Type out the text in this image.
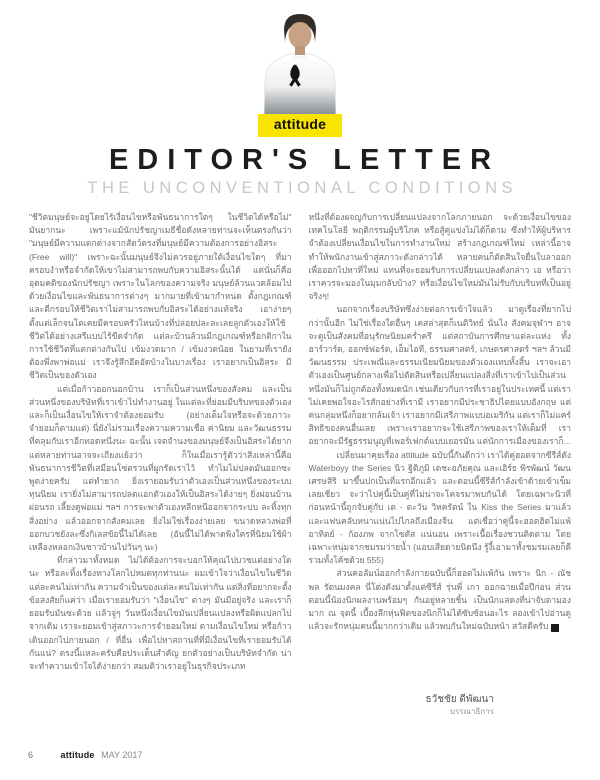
attitude
EDITOR'S LETTER
THE UNCONVENTIONAL CONDITIONS

"ชีวิตมนุษย์จะอยู่โดยไร้เงื่อนไขหรือพันธนาการใดๆ ในชีวิตได้หรือไม่" มันยากนะ เพราะแม้นักปรัชญาเมธีชื่อดังหลายท่านจะเห็นตรงกันว่า "มนุษย์มีความแตกต่างจากสัตว์ตรงที่มนุษย์มีความต้องการอย่างอิสระ (Free will)" เพราะฉะนั้นมนุษย์จึงไม่ควรอยู่ภายใต้เงื่อนไขใดๆ ที่มาครอบงำหรือจำกัดให้เขาไม่สามารถพบกับความอิสระนั้นได้ แต่นั่นก็คืออุดมคติของนักปรัชญา เพราะในโลกของความจริง มนุษย์ล้วนแวดล้อมไปด้วยเงื่อนไขและพันธนาการต่างๆ มากมายที่เข้ามากำหนด ตั้งกฎเกณฑ์ และตีกรอบให้ชีวิตเราไม่สามารถพบกับอิสระได้อย่างแท้จริง เอาง่ายๆ ตั้งแต่เล็กจนโตเคยมีครอบครัวไหนบ้างที่ปล่อยปละละเลยลูกตัวเองให้ใช้ชีวิตได้อย่างเสรีแบบไร้ขีดจำกัด แต่ละบ้านล้วนมีกฎเกณฑ์หรือกติกาในการใช้ชีวิตที่แตกต่างกันไป เข้มงวดมาก / เข้มงวดน้อย ในยามที่เรายังต้องพึ่งพาพ่อแม่ เราจึงรู้สึกอึดอัดบ้างในบางเรื่อง เราอยากเป็นอิสระ มีชีวิตเป็นของตัวเอง

แต่เมื่อก้าวออกนอกบ้าน เราก็เป็นส่วนหนึ่งของสังคม และเป็นส่วนหนึ่งของบริษัทที่เราเข้าไปทำงานอยู่ ในแต่ละที่ย่อมมีบริบทของตัวเองและก็เป็นเงื่อนไขให้เราจำต้องยอมรับ (อย่างเต็มใจหรือจะด้วยภาวะจำยอมก็ตามแต่) นี่ยังไม่รวมเรื่องความความเชื่อ ค่านิยม และวัฒนธรรมที่คลุมกับเราอีกทอดหนึ่งนะ ฉะนั้น เจตจำนงของมนุษย์จึงเป็นอิสระได้ยาก แต่หลายท่านอาจจะเถียงแย้งว่า ก็ในเมื่อเรารู้ตัวว่าสิ่งเหล่านี้คือพันธนาการชีวิตที่เสมือนโซ่ตรวนที่ผูกรัดเราไว้ ทำไมไม่ปลดมันออกซะ พูดง่ายครับ แต่ทำยาก ยิ่งเรายอมรับว่าตัวเองเป็นส่วนหนึ่งของระบบทุนนิยม เรายิ่งไม่สามารถปลดแอกตัวเองให้เป็นอิสระได้ง่ายๆ ยิ่งผ่อนบ้าน ผ่อนรถ เลี้ยงดูพ่อแม่ ฯลฯ การจะพาตัวเองหลีกหนีออกจากระบบ ละทิ้งทุกสิ่งอย่าง แล้วออกจากสังคมเลย ยิ่งไม่ใช่เรื่องง่ายเลย ขนาดหลวงพ่อที่ออกบวชยังละซึ่งกิเลสข้อนี้ไม่ได้เลย (อันนี้ไม่ได้พาดพิงใครที่นิยมใช้ผ้าเหลืองหลอกเงินชาวบ้านไปวันๆ นะ)

ที่กล่าวมาทั้งหมด ไม่ได้ต้องการจะบอกให้คุณไปบวชแต่อย่างใดนะ หรือละทิ้งเรื่องทางโลกไปหมดทุกท่านนะ ผมเข้าใจว่าเงื่อนไขในชีวิตแต่ละคนไม่เท่ากัน ความจำเป็นของแต่ละคนไม่เท่ากัน แต่สิ่งที่อยากจะตั้งข้อสงสัยก็แค่ว่า เมื่อเรายอมรับว่า "เงื่อนไข" ต่างๆ มันมีอยู่จริง และเราก็ยอมรับมันซะด้วย แล้วจู่ๆ วันหนึ่งเงื่อนไขมันเปลี่ยนแปลงหรือผิดแปลกไปจากเดิม เราจะยอมเข้าสู่สภาวะการจำยอมใหม่ ตามเงื่อนไขใหม่ หรือก้าวเดินออกไปภายนอก / ที่อื่น เพื่อไปหาสถานที่ที่มีเงื่อนไขที่เรายอมรับได้ กันแน่? ตรงนี้แหละครับคือประเด็นสำคัญ ยกตัวอย่างเป็นบริษัทจำกัด น่าจะทำความเข้าใจได้ง่ายกว่า สมมติว่าเราอยู่ในธุรกิจประเภท

หนึ่งที่ต้องผจญกับการเปลี่ยนแปลงจากโลกภายนอก จะด้วยเงื่อนไขของเทคโนโลยี พฤติกรรมผู้บริโภค หรือสู้คู่แข่งไม่ได้ก็ตาม ซึ่งทำให้ผู้บริหารจำต้องเปลี่ยนเงื่อนไขในการทำงานใหม่ สร้างกฎเกณฑ์ใหม่ เหล่านี้อาจทำให้พนักงานเข้าสู่สภาวะดังกล่าวได้ หลายคนก็ตัดสินใจยื่นใบลาออกเพื่อออกไปหาที่ใหม่ แทนที่จะยอมรับการเปลี่ยนแปลงดังกล่าว เอ หรือว่าเราควรจะมองในมุมกลับบ้าง? หรือเงื่อนไขใหม่มันไม่รับกับบริบทที่เป็นอยู่จริงๆ!

นอกจากเรื่องบริษัทซึ่งง่ายต่อการเข้าใจแล้ว มาดูเรื่องที่ยากไปกว่านั้นอีก ไม่ใช่เรื่องใดอื่นๆ เคสล่าสุดก็เนติวิทย์ นั่นไง สังคมจุฬาฯ อาจจะดูเป็นสังคมที่อนุรักษนิยมคร่ำครึ แต่สถาบันการศึกษาแต่ละแห่ง ทั้ง ฮาร์วาร์ด, ออกซ์ฟอร์ด, เอ็มไอที, ธรรมศาสตร์, เกษตรศาสตร์ ฯลฯ ล้วนมีวัฒนธรรม ประเพณีและธรรมเนียมนิยมของตัวเองแทบทั้งสิ้น เราจะเอาตัวเองเป็นศูนย์กลางเพื่อไปตัดสินหรือเปลี่ยนแปลงสิ่งที่เราเข้าไปเป็นส่วนหนึ่งมันก็ไม่ถูกต้องทั้งหมดนัก เช่นเดียวกับการที่เราอยู่ในประเทศนี้ แต่เราไม่เคยพอใจอะไรสักอย่างที่เรามี เราอยากมีประชาธิปไตยแบบอังกฤษ แต่คนกลุ่มหนึ่งก็อยากล้มเจ้า เราอยากมีเสรีภาพแบบอเมริกัน แต่เราก็ไม่แคร์สิทธิของคนอื่นเลย เพราะเราอยากจะใช้เสรีภาพของเราให้เต็มที่ เราอยากจะมีรัฐธรรมนูญที่เพอร์เฟกต์แบบเยอรมัน แต่นักการเมืองของเราก็...

เปลี่ยนมาคุยเรื่อง attitude ฉบับนี้กันดีกว่า เราได้คู่ฮอตจากซีรีส์ดัง Waterboyy the Series นิว ฐิติภูมิ เดชะอภัยคุณ และเอิร์ธ พิรพัฒน์ วัฒนเศรษสิริ มาขึ้นปกเป็นที่แรกอีกแล้ว และตอนนี้ซีรีส์กำลังเข้าด้ายเข้าเข็มเลยเชียว จะว่าไปคู่นี้เป็นคู่ที่ไม่น่าจะโคจรมาพบกันได้ โดยเฉพาะนิวที่ก่อนหน้านี้ถูกจับคู่กับ เต - ตะวัน วิหครัตน์ ใน Kiss the Series มาแล้ว และแฟนคลับหนาแน่นไปไกลถึงเมืองจีน แต่เชื่อว่าคู่นี้จะฮอตฮิตไม่แพ้ อาทิตย์ - ก้องภพ จากโซตัส แน่นอน เพราะเนื้อเรื่องชวนติดตาม โดยเฉพาะหนุ่มจากชมรมว่ายน้ำ (แอบเสียดายนิดนึง รู้งี้เอามาทั้งชมรมเลยก็ดี รวมทั้งโค้ชด้วย 555)

ส่วนคอลัมน์ออกกำลังกายฉบับนี้ก็ฮอตไม่แพ้กัน เพราะ นิก - ณัชพล รัตนมงคล นี่โด่งดังมาตั้งแต่ซีรีส์ รุ่นพี่ เกา ออกฉายเมื่อปีก่อน ส่วนตอนนี้น้องนิกผลงานพร้อมๆ กันอยู่หลายชิ้น เป็นนักแสดงที่น่าจับตามองมาก ณ จุดนี้ เบื้องลึกหุ่นฟิตของนิกก็ไม่ได้ซับซ้อนอะไร ลองเข้าไปอ่านดูแล้วจะรักหนุ่มคนนี้มากกว่าเดิม แล้วพบกันใหม่ฉบับหน้า สวัสดีครับ	a

ธวัชชัย ดีพัฒนา
บรรณาธิการ
6	attitude MAY 2017
